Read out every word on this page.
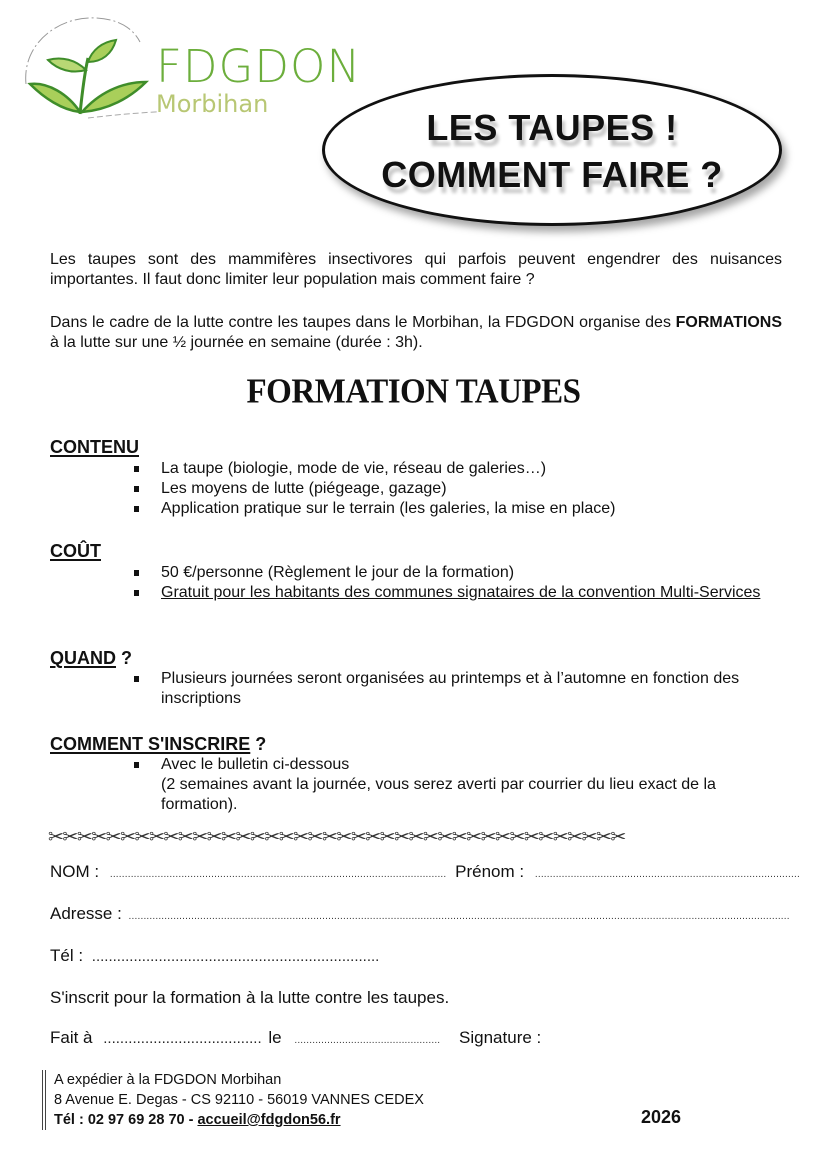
FDGDON
Morbihan
LES TAUPES !
COMMENT FAIRE ?
Les taupes sont des mammifères insectivores qui parfois peuvent engendrer des nuisances importantes. Il faut donc limiter leur population mais comment faire ?
Dans le cadre de la lutte contre les taupes dans le Morbihan, la FDGDON organise des FORMATIONS à la lutte sur une ½ journée en semaine (durée : 3h).
FORMATION TAUPES
CONTENU
La taupe (biologie, mode de vie, réseau de galeries…)
Les moyens de lutte (piégeage, gazage)
Application pratique sur le terrain (les galeries, la mise en place)
COÛT
50 €/personne (Règlement le jour de la formation)
Gratuit pour les habitants des communes signataires de la convention Multi-Services
QUAND ?
Plusieurs journées seront organisées au printemps et à l’automne en fonction des inscriptions
COMMENT S'INSCRIRE ?
Avec le bulletin ci-dessous
(2 semaines avant la journée, vous serez averti par courrier du lieu exact de la formation).
✂✂✂✂✂✂✂✂✂✂✂✂✂✂✂✂✂✂✂✂✂✂✂✂✂✂✂✂✂✂✂✂✂✂✂✂✂✂✂✂
NOM : ................................................................................................................. Prénom : .........................................................................................
Adresse : ..............................................................................................................................................................................................................................
Tél : .....................................................................
S'inscrit pour la formation à la lutte contre les taupes.
Fait à ...................................... le ................................................. Signature :
A expédier à la FDGDON Morbihan
8 Avenue E. Degas - CS 92110 - 56019 VANNES CEDEX
Tél : 02 97 69 28 70 - accueil@fdgdon56.fr	2026
